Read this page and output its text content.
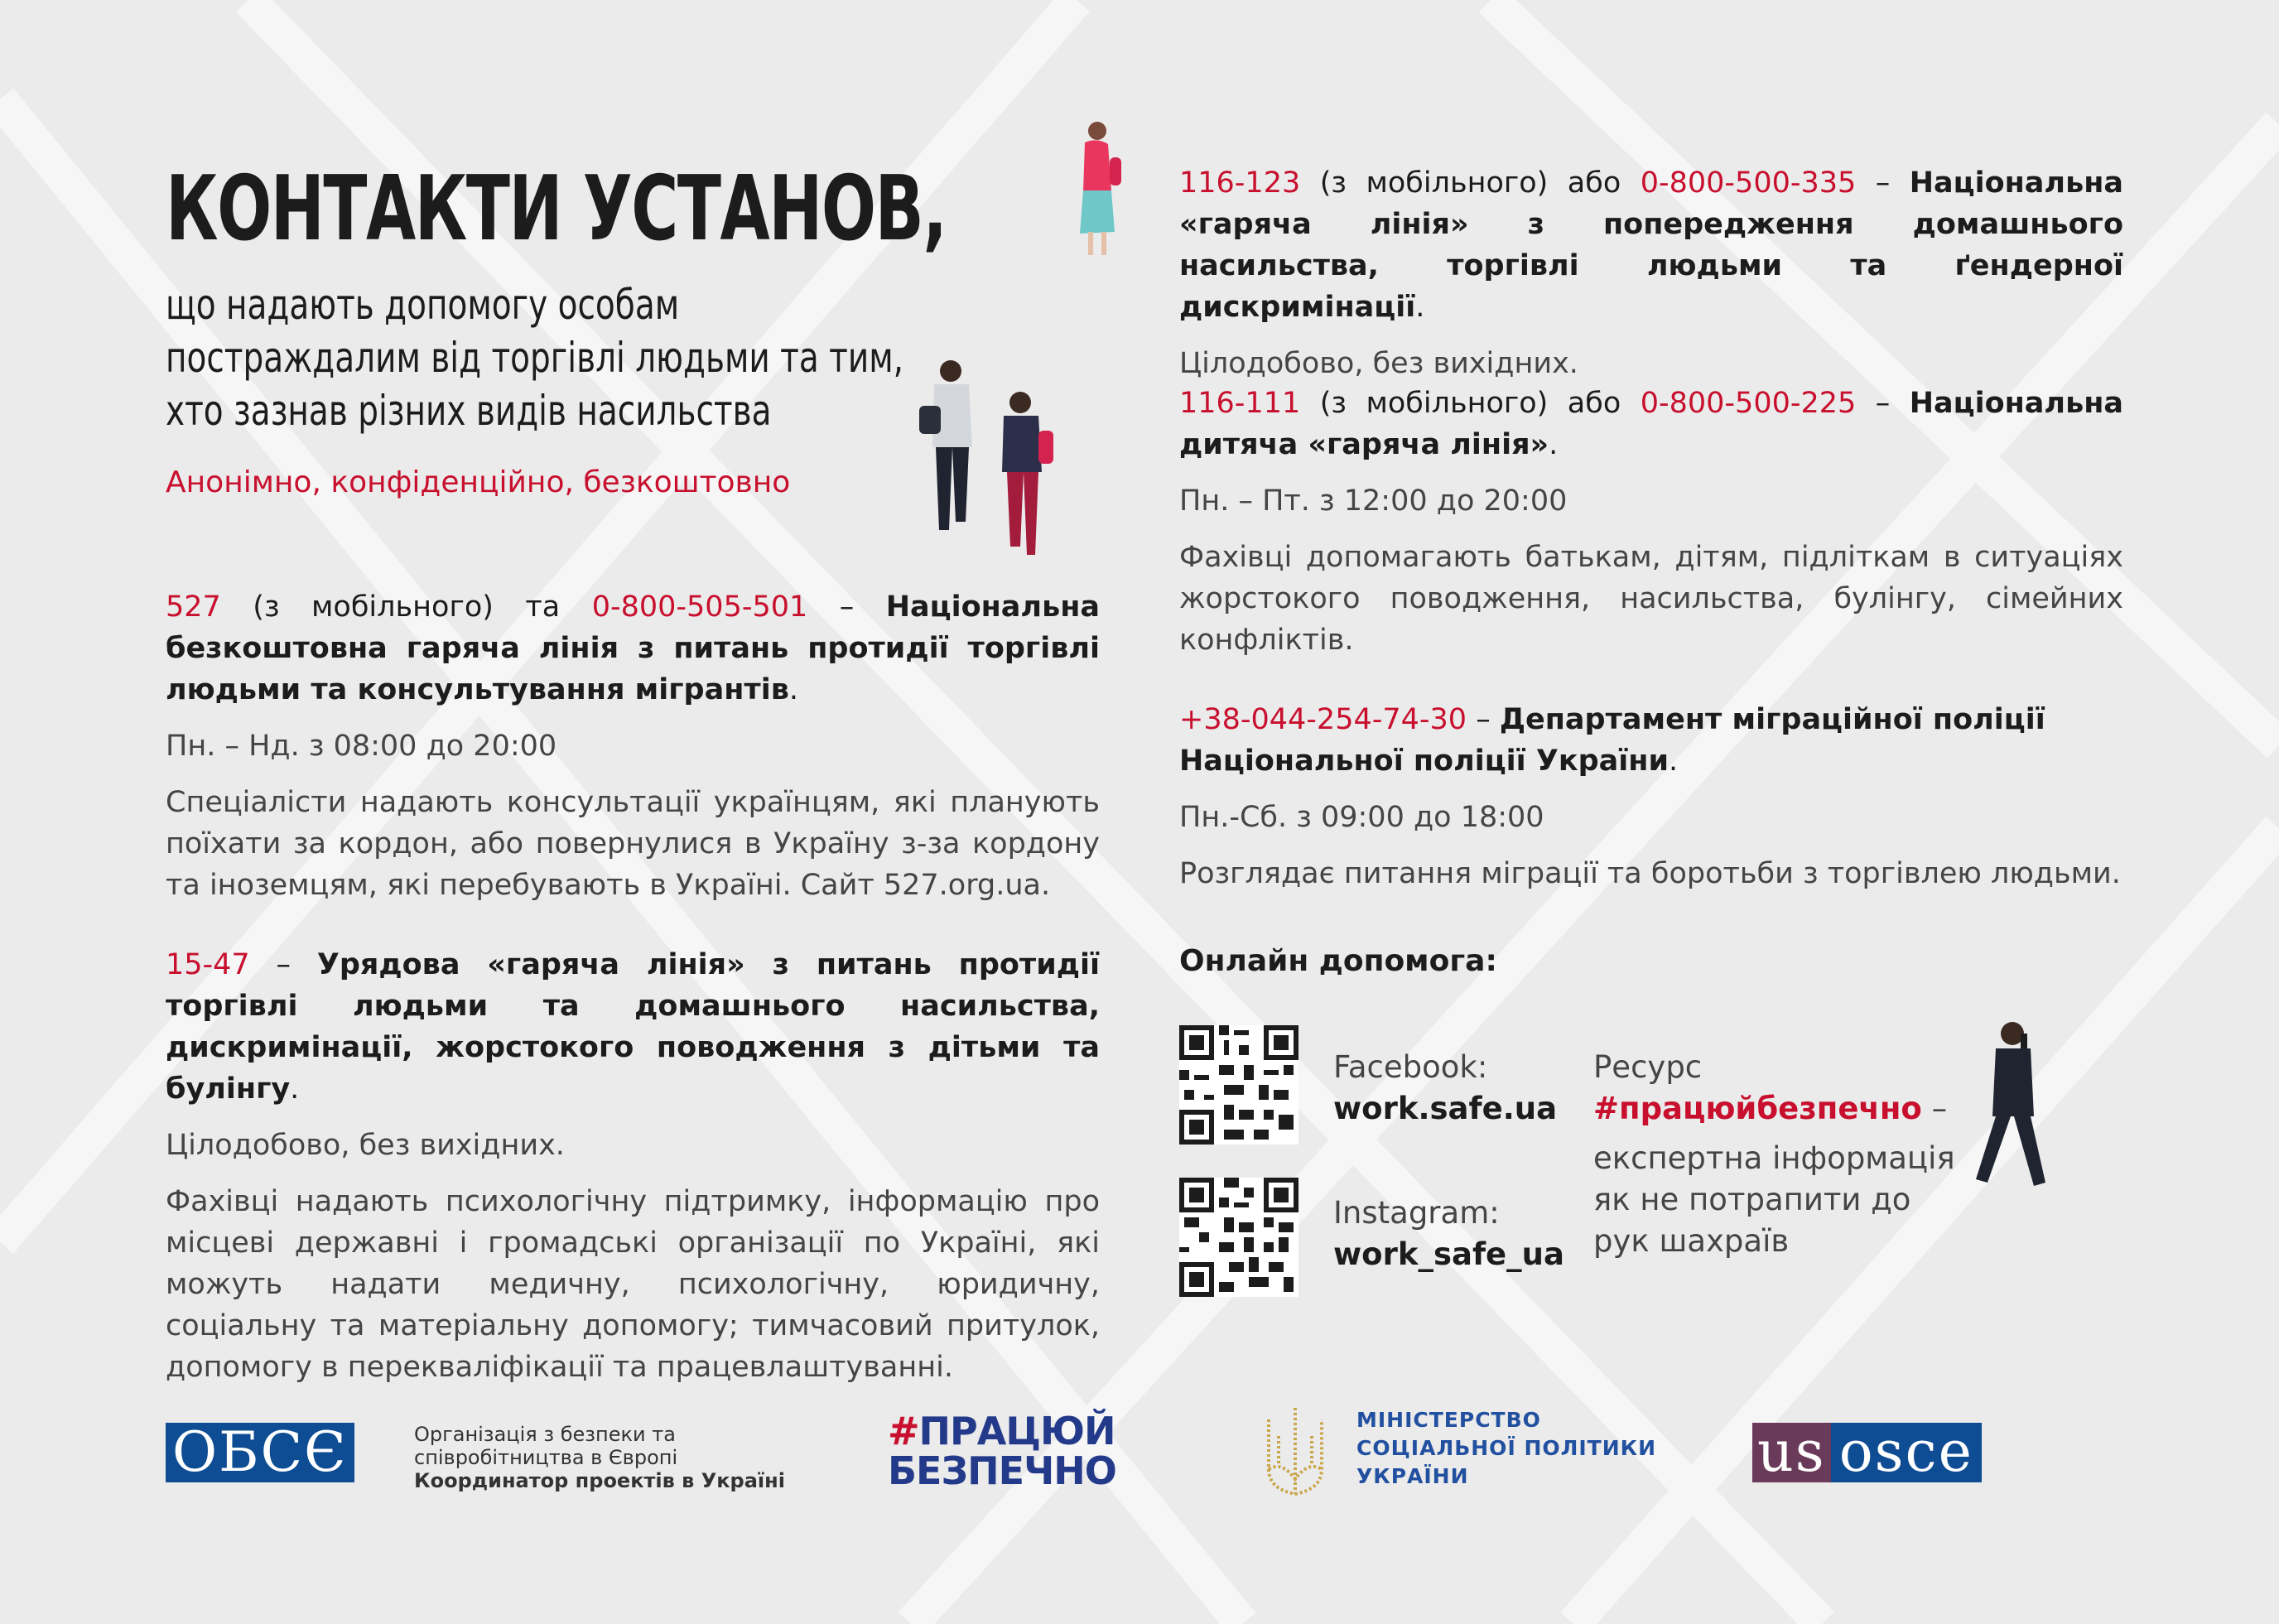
КОНТАКТИ УСТАНОВ,
що надають допомогу особам
постраждалим від торгівлі людьми та тим,
хто зазнав різних видів насильства
Анонімно, конфіденційно, безкоштовно

527 (з мобільного) та 0-800-505-501 – Національна безкоштовна гаряча лінія з питань протидії торгівлі людьми та консультування мігрантів.

Пн. – Нд. з 08:00 до 20:00

Спеціалісти надають консультації українцям, які планують поїхати за кордон, або повернулися в Україну з-за кордону та іноземцям, які перебувають в Україні. Сайт 527.org.ua.

15-47 – Урядова «гаряча лінія» з питань протидії торгівлі людьми та домашнього насильства, дискримінації, жорстокого поводження з дітьми та булінгу.

Цілодобово, без вихідних.

Фахівці надають психологічну підтримку, інформацію про місцеві державні і громадські організації по Україні, які можуть надати медичну, психологічну, юридичну, соціальну та матеріальну допомогу; тимчасовий притулок, допомогу в перекваліфікації та працевлаштуванні.

116-123 (з мобільного) або 0-800-500-335 – Національна «гаряча лінія» з попередження домашнього насильства, торгівлі людьми та ґендерної дискримінації.

Цілодобово, без вихідних.

116-111 (з мобільного) або 0-800-500-225 – Національна дитяча «гаряча лінія».

Пн. – Пт. з 12:00 до 20:00

Фахівці допомагають батькам, дітям, підліткам в ситуаціях жорстокого поводження, насильства, булінгу, сімейних конфліктів.

+38-044-254-74-30 – Департамент міграційної поліції Національної поліції України.

Пн.-Сб. з 09:00 до 18:00

Розглядає питання міграції та боротьби з торгівлею людьми.

Онлайн допомога:
Facebook:
work.safe.ua
Instagram:
work_safe_ua
Ресурс
#працюйбезпечно –
експертна інформація як не потрапити до рук шахраїв
ОБСЄ	Організація з безпеки та
співробітництва в Європі
Координатор проектів в Україні
#ПРАЦЮЙ
БЕЗПЕЧНО
МІНІСТЕРСТВО
СОЦІАЛЬНОЇ ПОЛІТИКИ
УКРАЇНИ	us osce
